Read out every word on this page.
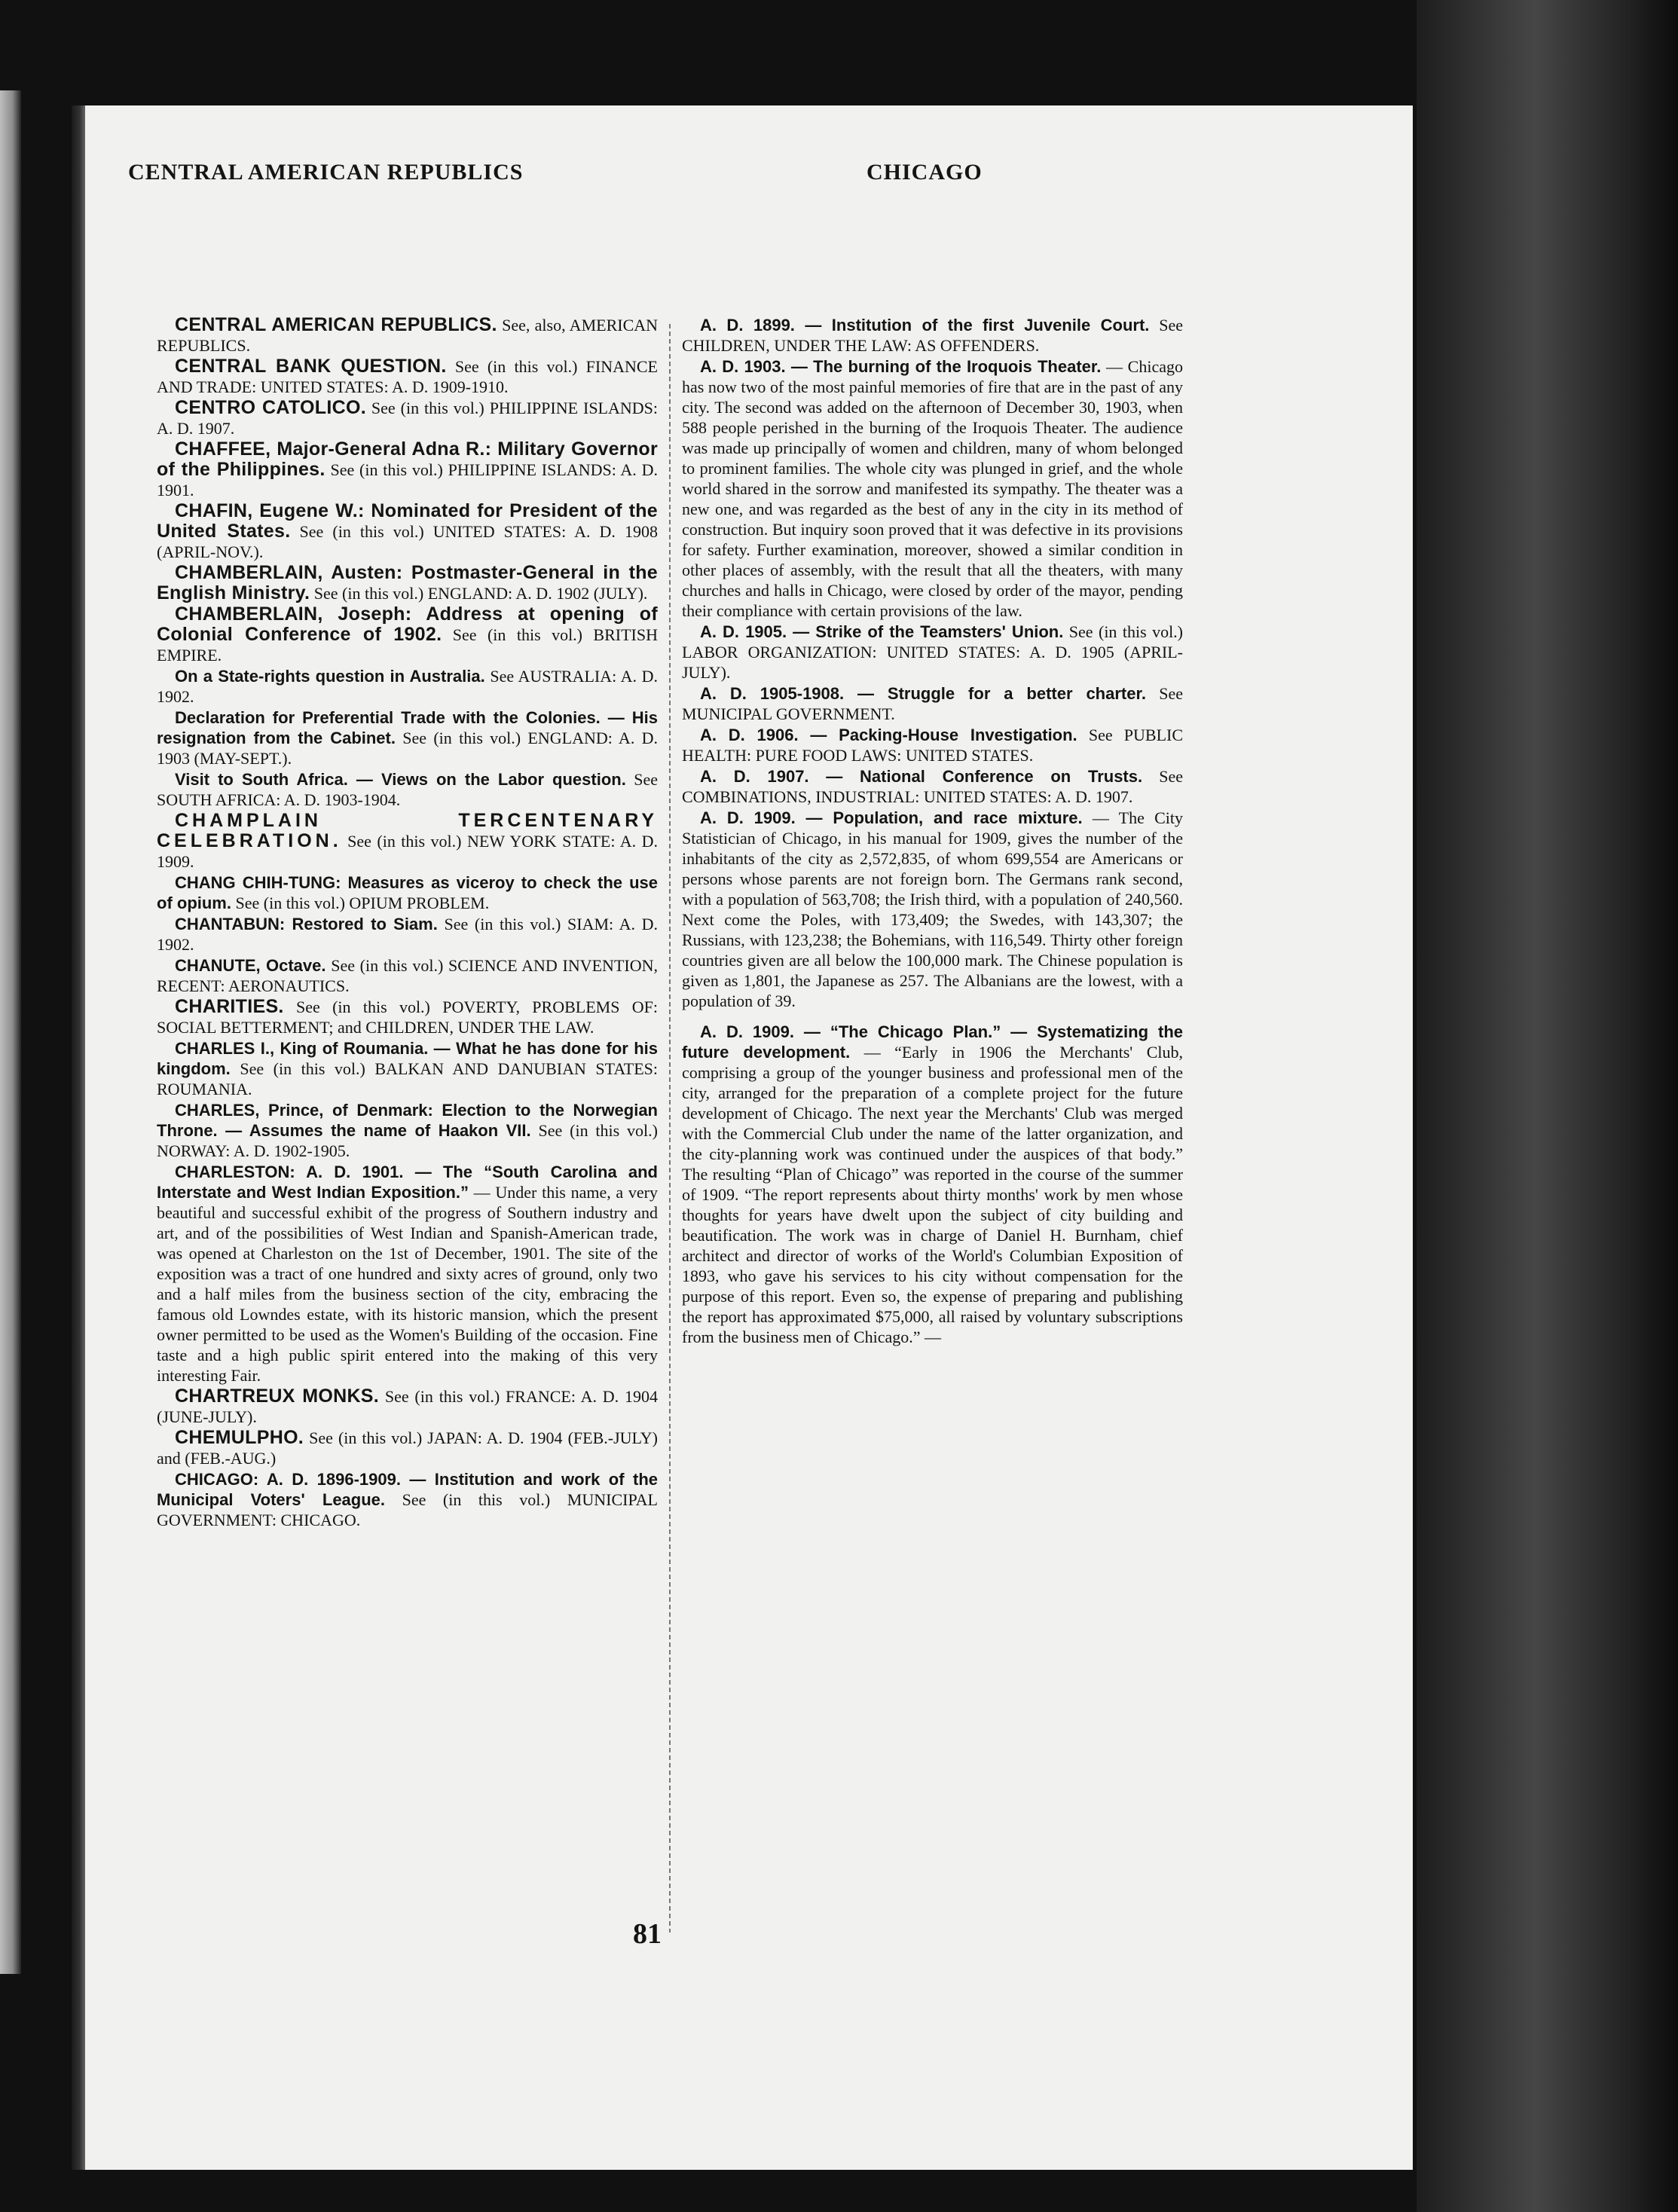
CENTRAL AMERICAN REPUBLICS	CHICAGO

CENTRAL AMERICAN REPUBLICS. See, also, AMERICAN REPUBLICS.

CENTRAL BANK QUESTION. See (in this vol.) FINANCE AND TRADE: UNITED STATES: A. D. 1909-1910.

CENTRO CATOLICO. See (in this vol.) PHILIPPINE ISLANDS: A. D. 1907.

CHAFFEE, Major-General Adna R.: Military Governor of the Philippines. See (in this vol.) PHILIPPINE ISLANDS: A. D. 1901.

CHAFIN, Eugene W.: Nominated for President of the United States. See (in this vol.) UNITED STATES: A. D. 1908 (APRIL-NOV.).

CHAMBERLAIN, Austen: Postmaster-General in the English Ministry. See (in this vol.) ENGLAND: A. D. 1902 (JULY).

CHAMBERLAIN, Joseph: Address at opening of Colonial Conference of 1902. See (in this vol.) BRITISH EMPIRE.

On a State-rights question in Australia. See AUSTRALIA: A. D. 1902.

Declaration for Preferential Trade with the Colonies. — His resignation from the Cabinet. See (in this vol.) ENGLAND: A. D. 1903 (MAY-SEPT.).

Visit to South Africa. — Views on the Labor question. See SOUTH AFRICA: A. D. 1903-1904.

CHAMPLAIN TERCENTENARY CELEBRATION. See (in this vol.) NEW YORK STATE: A. D. 1909.

CHANG CHIH-TUNG: Measures as viceroy to check the use of opium. See (in this vol.) OPIUM PROBLEM.

CHANTABUN: Restored to Siam. See (in this vol.) SIAM: A. D. 1902.

CHANUTE, Octave. See (in this vol.) SCIENCE AND INVENTION, RECENT: AERONAUTICS.

CHARITIES. See (in this vol.) POVERTY, PROBLEMS OF: SOCIAL BETTERMENT; and CHILDREN, UNDER THE LAW.

CHARLES I., King of Roumania. — What he has done for his kingdom. See (in this vol.) BALKAN AND DANUBIAN STATES: ROUMANIA.

CHARLES, Prince, of Denmark: Election to the Norwegian Throne. — Assumes the name of Haakon VII. See (in this vol.) NORWAY: A. D. 1902-1905.

CHARLESTON: A. D. 1901. — The “South Carolina and Interstate and West Indian Exposition.” — Under this name, a very beautiful and successful exhibit of the progress of Southern industry and art, and of the possibilities of West Indian and Spanish-American trade, was opened at Charleston on the 1st of December, 1901. The site of the exposition was a tract of one hundred and sixty acres of ground, only two and a half miles from the business section of the city, embracing the famous old Lowndes estate, with its historic mansion, which the present owner permitted to be used as the Women's Building of the occasion. Fine taste and a high public spirit entered into the making of this very interesting Fair.

CHARTREUX MONKS. See (in this vol.) FRANCE: A. D. 1904 (JUNE-JULY).

CHEMULPHO. See (in this vol.) JAPAN: A. D. 1904 (FEB.-JULY) and (FEB.-AUG.)

CHICAGO: A. D. 1896-1909. — Institution and work of the Municipal Voters' League. See (in this vol.) MUNICIPAL GOVERNMENT: CHICAGO.

A. D. 1899. — Institution of the first Juvenile Court. See CHILDREN, UNDER THE LAW: AS OFFENDERS.

A. D. 1903. — The burning of the Iroquois Theater. — Chicago has now two of the most painful memories of fire that are in the past of any city. The second was added on the afternoon of December 30, 1903, when 588 people perished in the burning of the Iroquois Theater. The audience was made up principally of women and children, many of whom belonged to prominent families. The whole city was plunged in grief, and the whole world shared in the sorrow and manifested its sympathy. The theater was a new one, and was regarded as the best of any in the city in its method of construction. But inquiry soon proved that it was defective in its provisions for safety. Further examination, moreover, showed a similar condition in other places of assembly, with the result that all the theaters, with many churches and halls in Chicago, were closed by order of the mayor, pending their compliance with certain provisions of the law.

A. D. 1905. — Strike of the Teamsters' Union. See (in this vol.) LABOR ORGANIZATION: UNITED STATES: A. D. 1905 (APRIL-JULY).

A. D. 1905-1908. — Struggle for a better charter. See MUNICIPAL GOVERNMENT.

A. D. 1906. — Packing-House Investigation. See PUBLIC HEALTH: PURE FOOD LAWS: UNITED STATES.

A. D. 1907. — National Conference on Trusts. See COMBINATIONS, INDUSTRIAL: UNITED STATES: A. D. 1907.

A. D. 1909. — Population, and race mixture. — The City Statistician of Chicago, in his manual for 1909, gives the number of the inhabitants of the city as 2,572,835, of whom 699,554 are Americans or persons whose parents are not foreign born. The Germans rank second, with a population of 563,708; the Irish third, with a population of 240,560. Next come the Poles, with 173,409; the Swedes, with 143,307; the Russians, with 123,238; the Bohemians, with 116,549. Thirty other foreign countries given are all below the 100,000 mark. The Chinese population is given as 1,801, the Japanese as 257. The Albanians are the lowest, with a population of 39.

A. D. 1909. — “The Chicago Plan.” — Systematizing the future development. — “Early in 1906 the Merchants' Club, comprising a group of the younger business and professional men of the city, arranged for the preparation of a complete project for the future development of Chicago. The next year the Merchants' Club was merged with the Commercial Club under the name of the latter organization, and the city-planning work was continued under the auspices of that body.” The resulting “Plan of Chicago” was reported in the course of the summer of 1909. “The report represents about thirty months' work by men whose thoughts for years have dwelt upon the subject of city building and beautification. The work was in charge of Daniel H. Burnham, chief architect and director of works of the World's Columbian Exposition of 1893, who gave his services to his city without compensation for the purpose of this report. Even so, the expense of preparing and publishing the report has approximated $75,000, all raised by voluntary subscriptions from the business men of Chicago.” —

81
